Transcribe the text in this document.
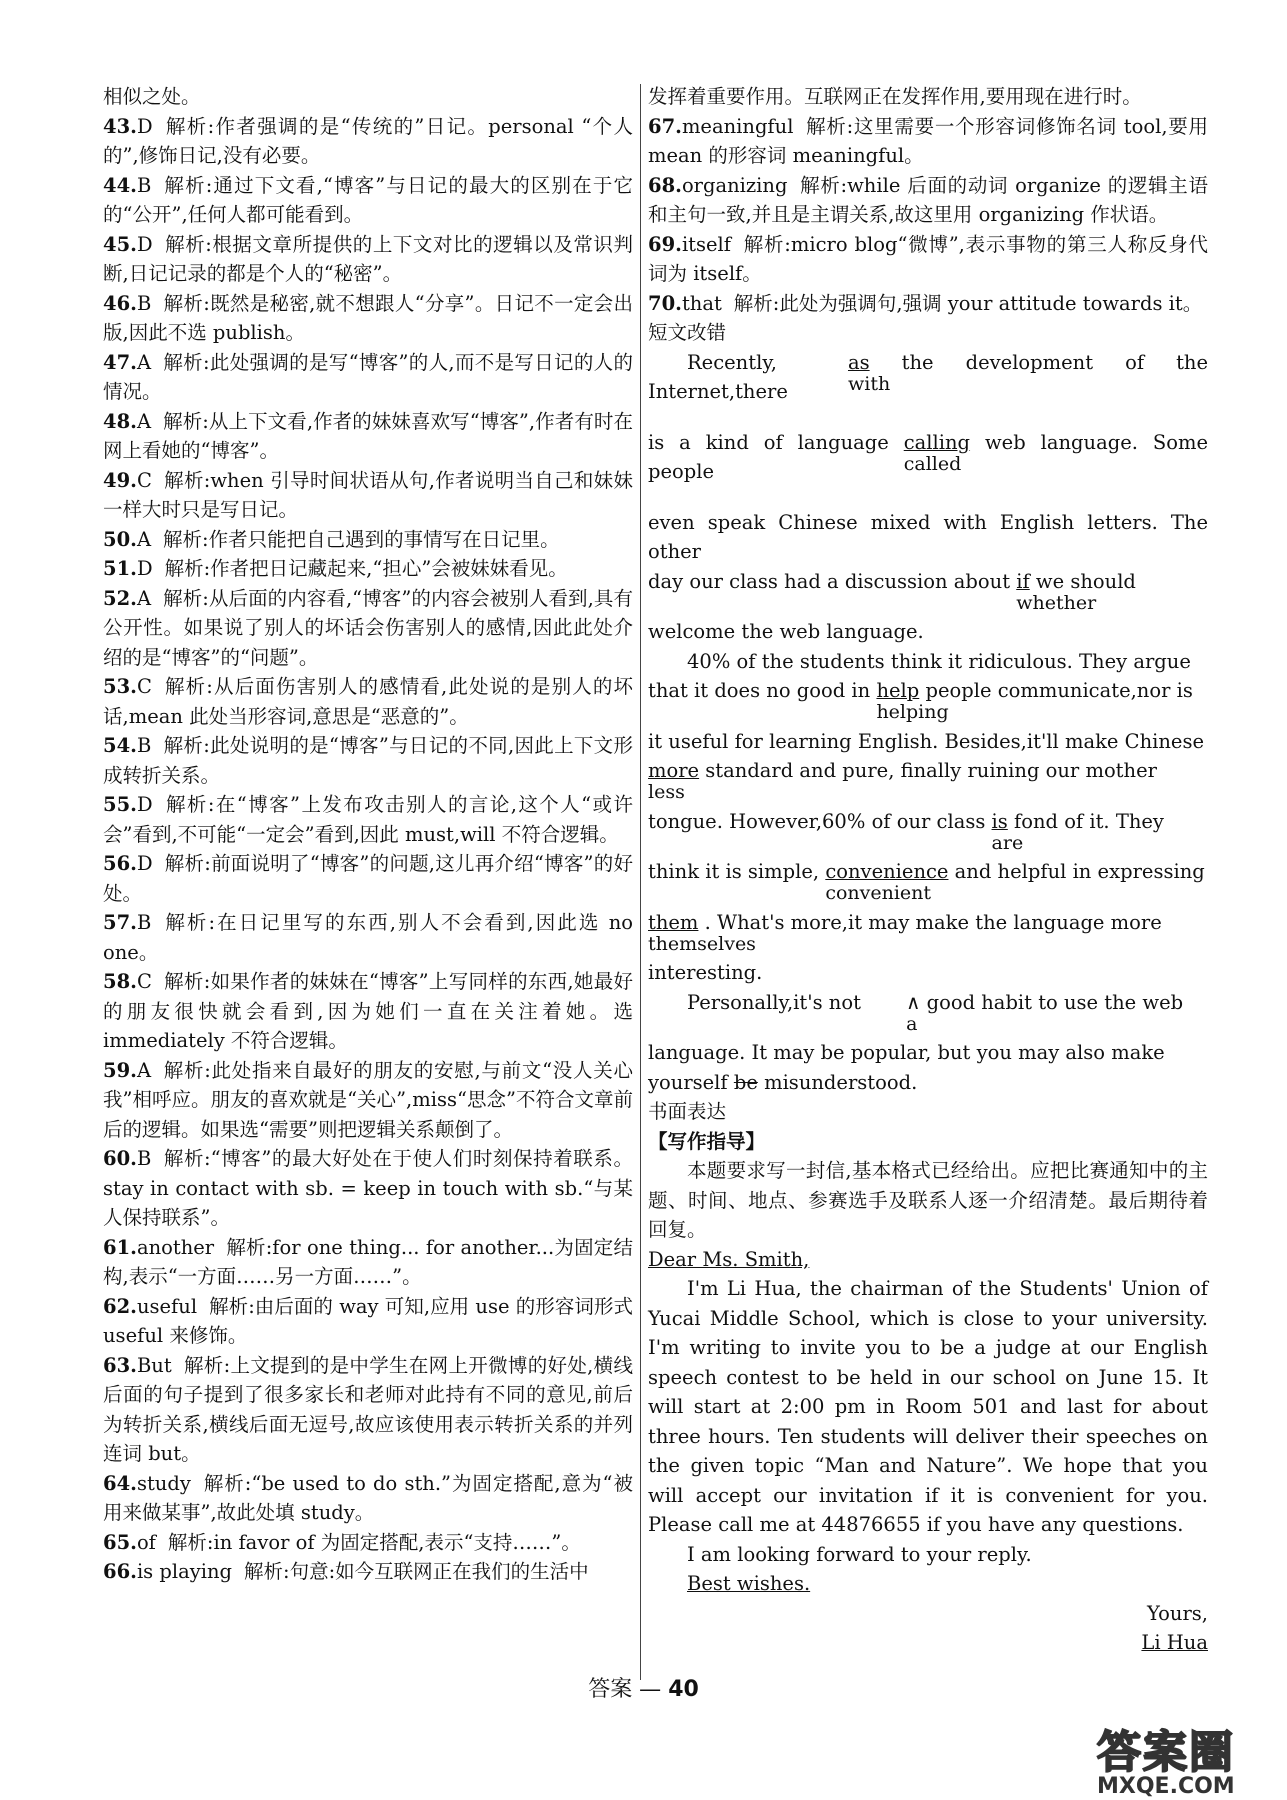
相似之处。

43.D 解析:作者强调的是“传统的”日记。personal “个人的”,修饰日记,没有必要。

44.B 解析:通过下文看,“博客”与日记的最大的区别在于它的“公开”,任何人都可能看到。

45.D 解析:根据文章所提供的上下文对比的逻辑以及常识判断,日记记录的都是个人的“秘密”。

46.B 解析:既然是秘密,就不想跟人“分享”。日记不一定会出版,因此不选 publish。

47.A 解析:此处强调的是写“博客”的人,而不是写日记的人的情况。

48.A 解析:从上下文看,作者的妹妹喜欢写“博客”,作者有时在网上看她的“博客”。

49.C 解析:when 引导时间状语从句,作者说明当自己和妹妹一样大时只是写日记。

50.A 解析:作者只能把自己遇到的事情写在日记里。

51.D 解析:作者把日记藏起来,“担心”会被妹妹看见。

52.A 解析:从后面的内容看,“博客”的内容会被别人看到,具有公开性。如果说了别人的坏话会伤害别人的感情,因此此处介绍的是“博客”的“问题”。

53.C 解析:从后面伤害别人的感情看,此处说的是别人的坏话,mean 此处当形容词,意思是“恶意的”。

54.B 解析:此处说明的是“博客”与日记的不同,因此上下文形成转折关系。

55.D 解析:在“博客”上发布攻击别人的言论,这个人“或许会”看到,不可能“一定会”看到,因此 must,will 不符合逻辑。

56.D 解析:前面说明了“博客”的问题,这儿再介绍“博客”的好处。

57.B 解析:在日记里写的东西,别人不会看到,因此选 no one。

58.C 解析:如果作者的妹妹在“博客”上写同样的东西,她最好的朋友很快就会看到,因为她们一直在关注着她。选 immediately 不符合逻辑。

59.A 解析:此处指来自最好的朋友的安慰,与前文“没人关心我”相呼应。朋友的喜欢就是“关心”,miss“思念”不符合文章前后的逻辑。如果选“需要”则把逻辑关系颠倒了。

60.B 解析:“博客”的最大好处在于使人们时刻保持着联系。stay in contact with sb. = keep in touch with sb.“与某人保持联系”。

61.another 解析:for one thing... for another...为固定结构,表示“一方面……另一方面……”。

62.useful 解析:由后面的 way 可知,应用 use 的形容词形式 useful 来修饰。

63.But 解析:上文提到的是中学生在网上开微博的好处,横线后面的句子提到了很多家长和老师对此持有不同的意见,前后为转折关系,横线后面无逗号,故应该使用表示转折关系的并列连词 but。

64.study 解析:“be used to do sth.”为固定搭配,意为“被用来做某事”,故此处填 study。

65.of 解析:in favor of 为固定搭配,表示“支持……”。

66.is playing 解析:句意:如今互联网正在我们的生活中

发挥着重要作用。互联网正在发挥作用,要用现在进行时。

67.meaningful 解析:这里需要一个形容词修饰名词 tool,要用 mean 的形容词 meaningful。

68.organizing 解析:while 后面的动词 organize 的逻辑主语和主句一致,并且是主谓关系,故这里用 organizing 作状语。

69.itself 解析:micro blog“微博”,表示事物的第三人称反身代词为 itself。

70.that 解析:此处为强调句,强调 your attitude towards it。

短文改错

Recently,	as
with
the development of the Internet,there

is a kind of language calling
called
web language. Some people

even speak Chinese mixed with English letters. The other

day our class had a discussion about if
whether
we should

welcome the web language.

40% of the students think it ridiculous. They argue

that it does no good in help
helping
people communicate,nor is

it useful for learning English. Besides,it'll make Chinese

more
less
standard and pure, finally ruining our mother

tongue. However,60% of our class is
are
fond of it. They

think it is simple, convenience
convenient
and helpful in expressing

them
themselves
. What's more,it may make the language more

interesting.

Personally,it's not ∧
a
good habit to use the web

language. It may be popular, but you may also make

yourself be misunderstood.

书面表达

【写作指导】

本题要求写一封信,基本格式已经给出。应把比赛通知中的主题、时间、地点、参赛选手及联系人逐一介绍清楚。最后期待着回复。

Dear Ms. Smith,

I'm Li Hua, the chairman of the Students' Union of Yucai Middle School, which is close to your university. I'm writing to invite you to be a judge at our English speech contest to be held in our school on June 15. It will start at 2:00 pm in Room 501 and last for about three hours. Ten students will deliver their speeches on the given topic “Man and Nature”. We hope that you will accept our invitation if it is convenient for you. Please call me at 44876655 if you have any questions.

I am looking forward to your reply.

Best wishes.

Yours,

Li Hua

答案 — 40
答案圈
MXQE.COM
